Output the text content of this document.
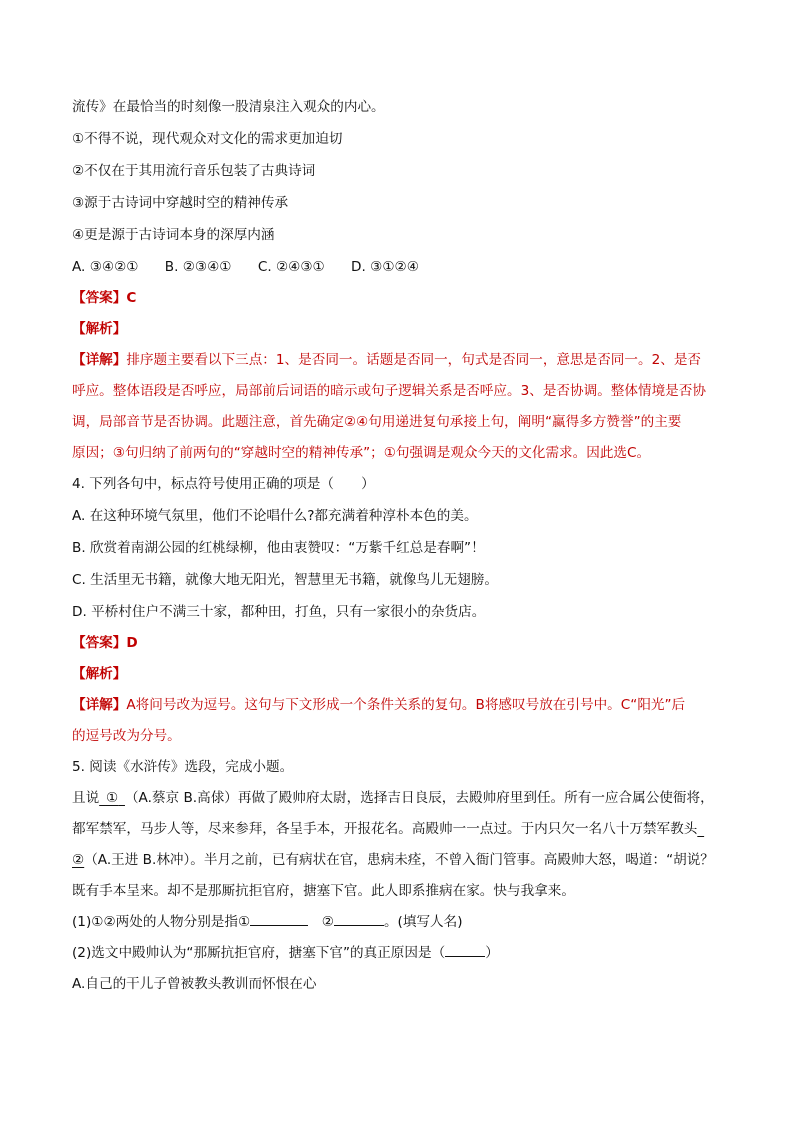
流传》在最恰当的时刻像一股清泉注入观众的内心。
①不得不说，现代观众对文化的需求更加迫切
②不仅在于其用流行音乐包装了古典诗词
③源于古诗词中穿越时空的精神传承
④更是源于古诗词本身的深厚内涵
A. ③④②① B. ②③④① C. ②④③① D. ③①②④
【答案】C
【解析】
【详解】排序题主要看以下三点：1、是否同一。话题是否同一，句式是否同一，意思是否同一。2、是否
呼应。整体语段是否呼应，局部前后词语的暗示或句子逻辑关系是否呼应。3、是否协调。整体情境是否协
调，局部音节是否协调。此题注意，首先确定②④句用递进复句承接上句，阐明“赢得多方赞誉”的主要
原因；③句归纳了前两句的“穿越时空的精神传承”；①句强调是观众今天的文化需求。因此选C。
4. 下列各句中，标点符号使用正确的项是（　　）
A. 在这种环境气氛里，他们不论唱什么?都充满着种淳朴本色的美。
B. 欣赏着南湖公园的红桃绿柳，他由衷赞叹：“万紫千红总是春啊”！
C. 生活里无书籍，就像大地无阳光，智慧里无书籍，就像鸟儿无翅膀。
D. 平桥村住户不满三十家，都种田，打鱼，只有一家很小的杂货店。
【答案】D
【解析】
【详解】A将问号改为逗号。这句与下文形成一个条件关系的复句。B将感叹号放在引号中。C“阳光”后
的逗号改为分号。
5. 阅读《水浒传》选段，完成小题。
且说  ①  （A.蔡京 B.高俅）再做了殿帅府太尉，选择吉日良辰，去殿帅府里到任。所有一应合属公使衙将，
都军禁军，马步人等，尽来参拜，各呈手本，开报花名。高殿帅一一点过。于内只欠一名八十万禁军教头 
②（A.王进 B.林冲）。半月之前，已有病状在官，患病未痊，不曾入衙门管事。高殿帅大怒，喝道：“胡说？
既有手本呈来。却不是那厮抗拒官府，搪塞下官。此人即系推病在家。快与我拿来。
(1)①②两处的人物分别是指①  	②	。(填写人名)
(2)选文中殿帅认为“那厮抗拒官府，搪塞下官”的真正原因是（	）
A.自己的干儿子曾被教头教训而怀恨在心
